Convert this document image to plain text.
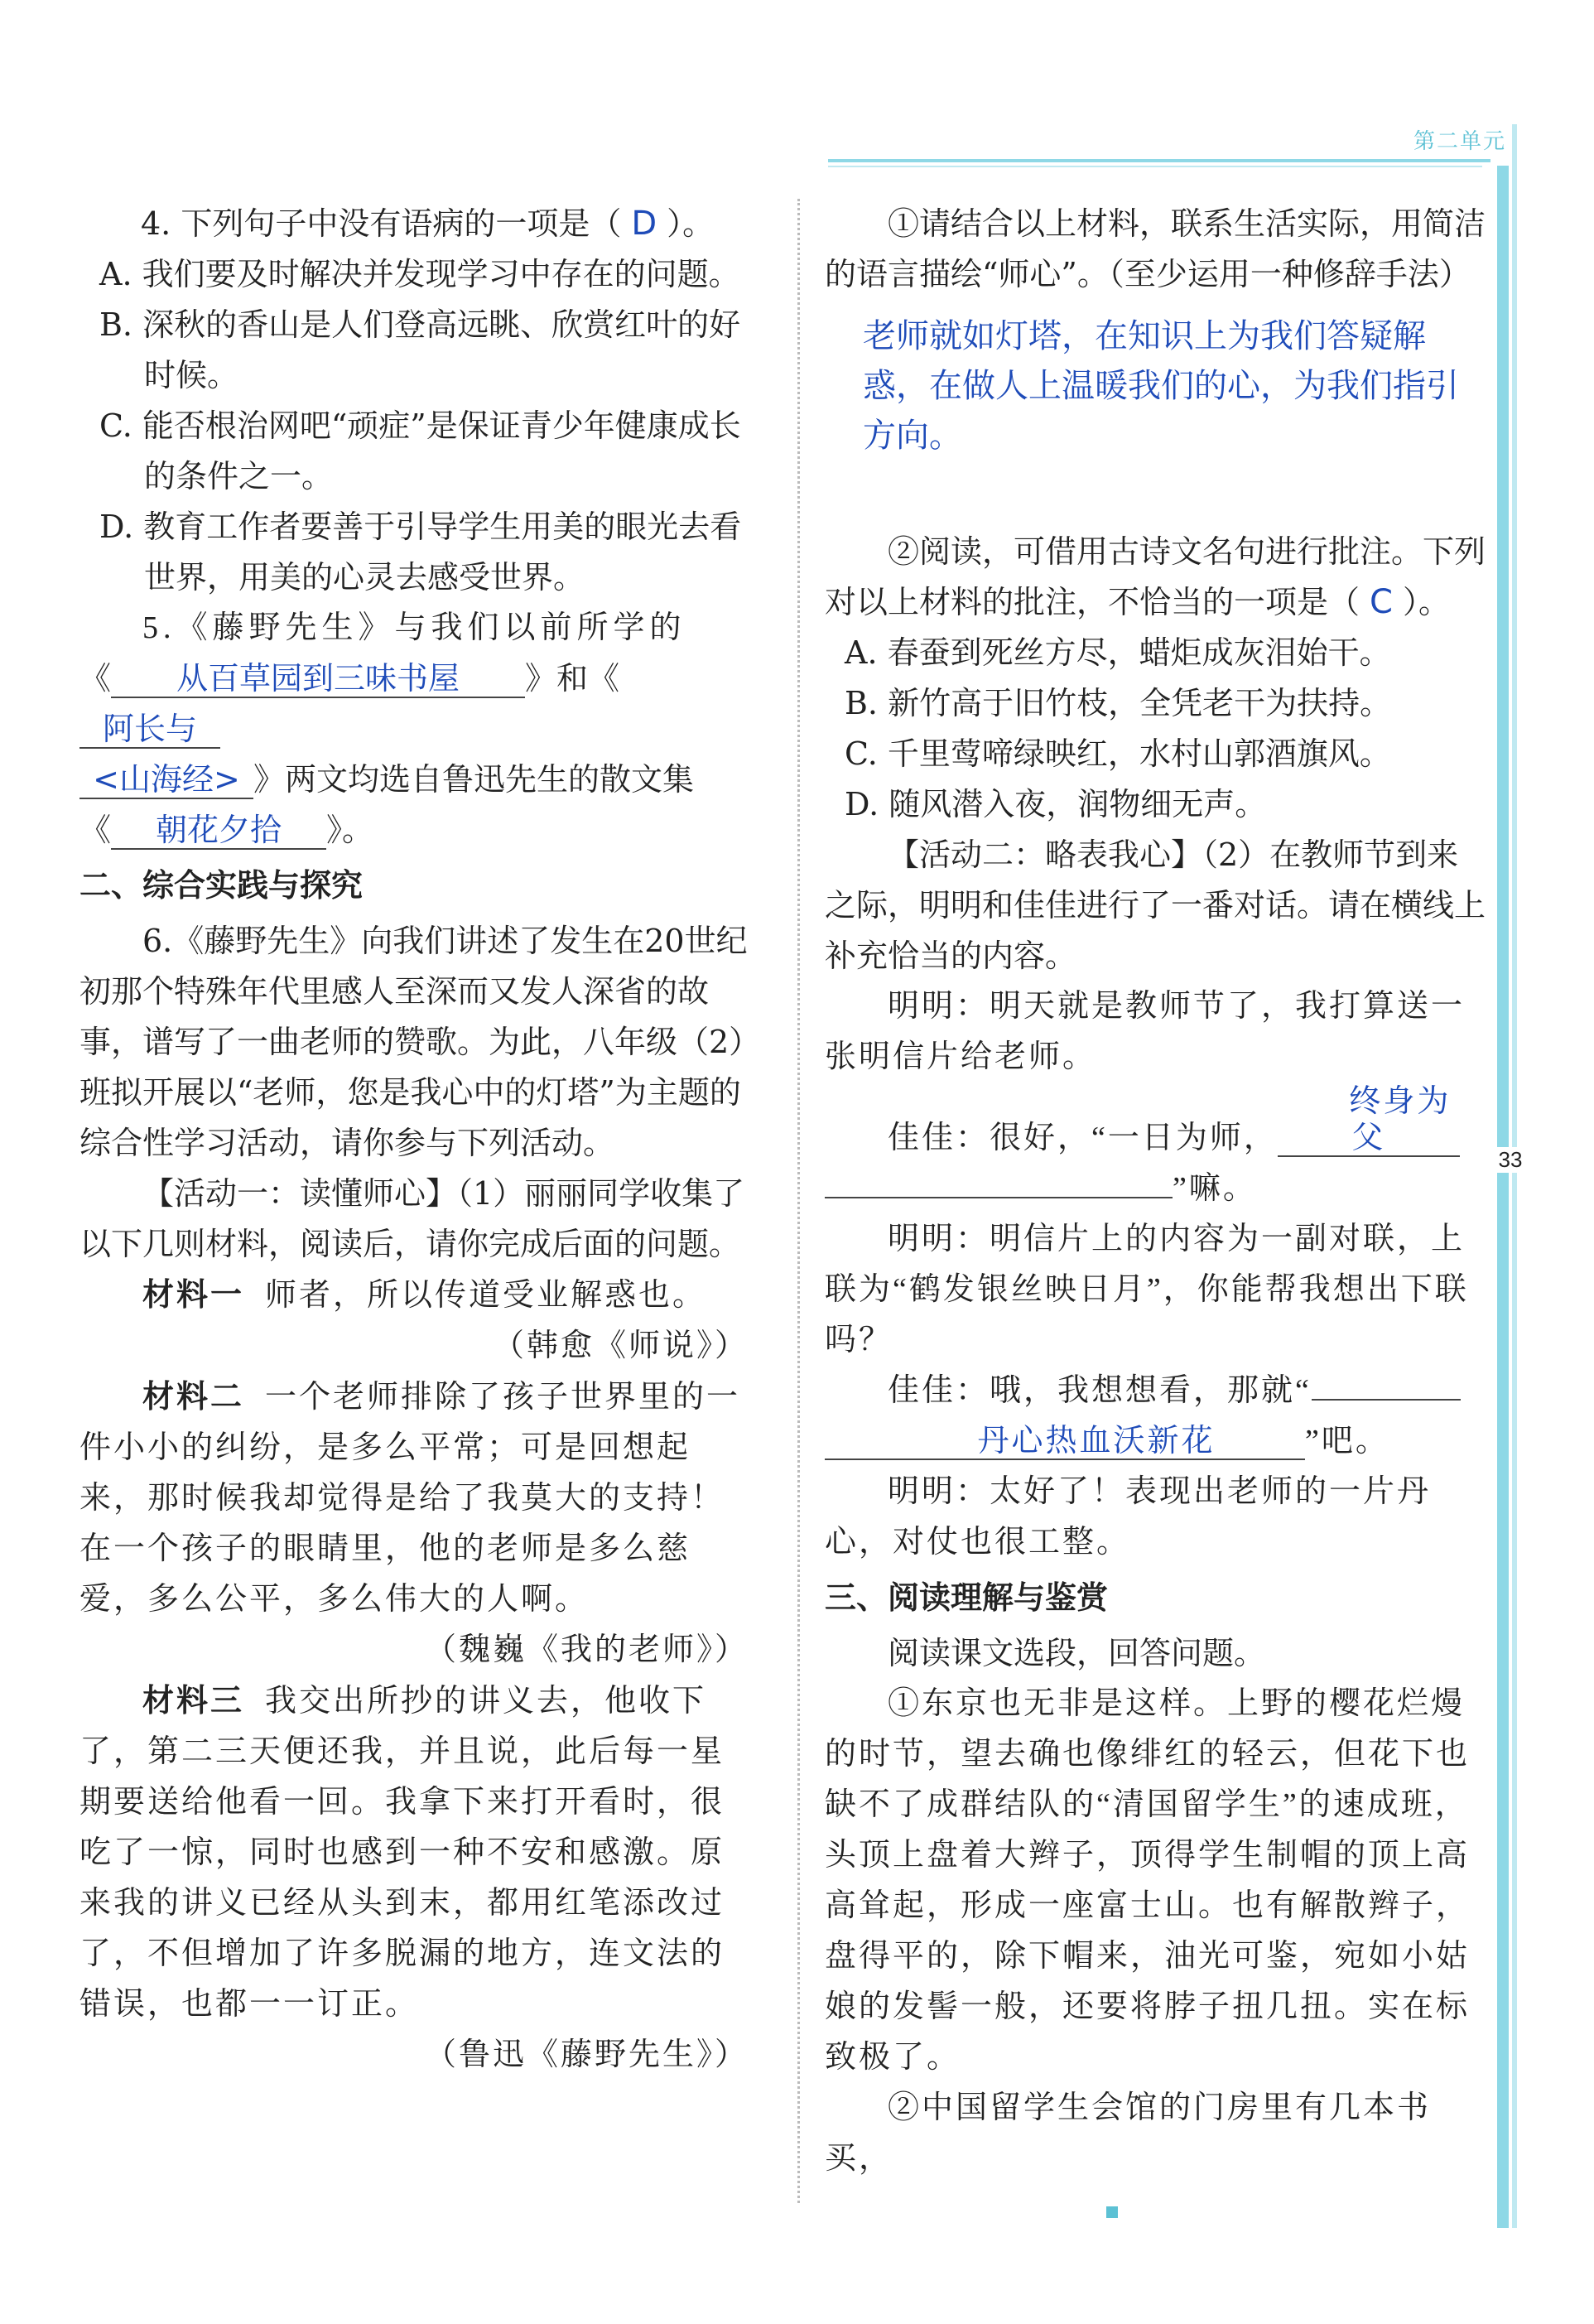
第二单元
33

4. 下列句子中没有语病的一项是（ D ）。

A. 我们要及时解决并发现学习中存在的问题。

B. 深秋的香山是人们登高远眺、欣赏红叶的好时候。

C. 能否根治网吧“顽症”是保证青少年健康成长的条件之一。

D. 教育工作者要善于引导学生用美的眼光去看世界，用美的心灵去感受世界。

5.《藤野先生》与我们以前所学的

《 从百草园到三味书屋 》和《阿长与

<山海经> 》两文均选自鲁迅先生的散文集

《 朝花夕拾 》。

二、综合实践与探究

6.《藤野先生》向我们讲述了发生在20世纪初那个特殊年代里感人至深而又发人深省的故事，谱写了一曲老师的赞歌。为此，八年级（2）班拟开展以“老师，您是我心中的灯塔”为主题的综合性学习活动，请你参与下列活动。

【活动一：读懂师心】（1）丽丽同学收集了以下几则材料，阅读后，请你完成后面的问题。

材料一 师者，所以传道受业解惑也。

（韩愈《师说》）

材料二 一个老师排除了孩子世界里的一件小小的纠纷，是多么平常；可是回想起来，那时候我却觉得是给了我莫大的支持！在一个孩子的眼睛里，他的老师是多么慈爱，多么公平，多么伟大的人啊。

（魏巍《我的老师》）

材料三 我交出所抄的讲义去，他收下了，第二三天便还我，并且说，此后每一星期要送给他看一回。我拿下来打开看时，很吃了一惊，同时也感到一种不安和感激。原来我的讲义已经从头到末，都用红笔添改过了，不但增加了许多脱漏的地方，连文法的错误，也都一一订正。

（鲁迅《藤野先生》）

①请结合以上材料，联系生活实际，用简洁的语言描绘“师心”。（至少运用一种修辞手法）

老师就如灯塔，在知识上为我们答疑解惑，在做人上温暖我们的心，为我们指引方向。

②阅读，可借用古诗文名句进行批注。下列对以上材料的批注，不恰当的一项是（ C ）。

A. 春蚕到死丝方尽，蜡炬成灰泪始干。

B. 新竹高于旧竹枝，全凭老干为扶持。

C. 千里莺啼绿映红，水村山郭酒旗风。

D. 随风潜入夜，润物细无声。

【活动二：略表我心】（2）在教师节到来之际，明明和佳佳进行了一番对话。请在横线上补充恰当的内容。

明明：明天就是教师节了，我打算送一张明信片给老师。

佳佳：很好，“一日为师，终身为父
”嘛。

明明：明信片上的内容为一副对联，上联为“鹤发银丝映日月”，你能帮我想出下联吗？

佳佳：哦，我想想看，那就“
丹心热血沃新花	”吧。

明明：太好了！表现出老师的一片丹心，对仗也很工整。

三、阅读理解与鉴赏

阅读课文选段，回答问题。

①东京也无非是这样。上野的樱花烂熳的时节，望去确也像绯红的轻云，但花下也缺不了成群结队的“清国留学生”的速成班，头顶上盘着大辫子，顶得学生制帽的顶上高高耸起，形成一座富士山。也有解散辫子，盘得平的，除下帽来，油光可鉴，宛如小姑娘的发髻一般，还要将脖子扭几扭。实在标致极了。

②中国留学生会馆的门房里有几本书买，
